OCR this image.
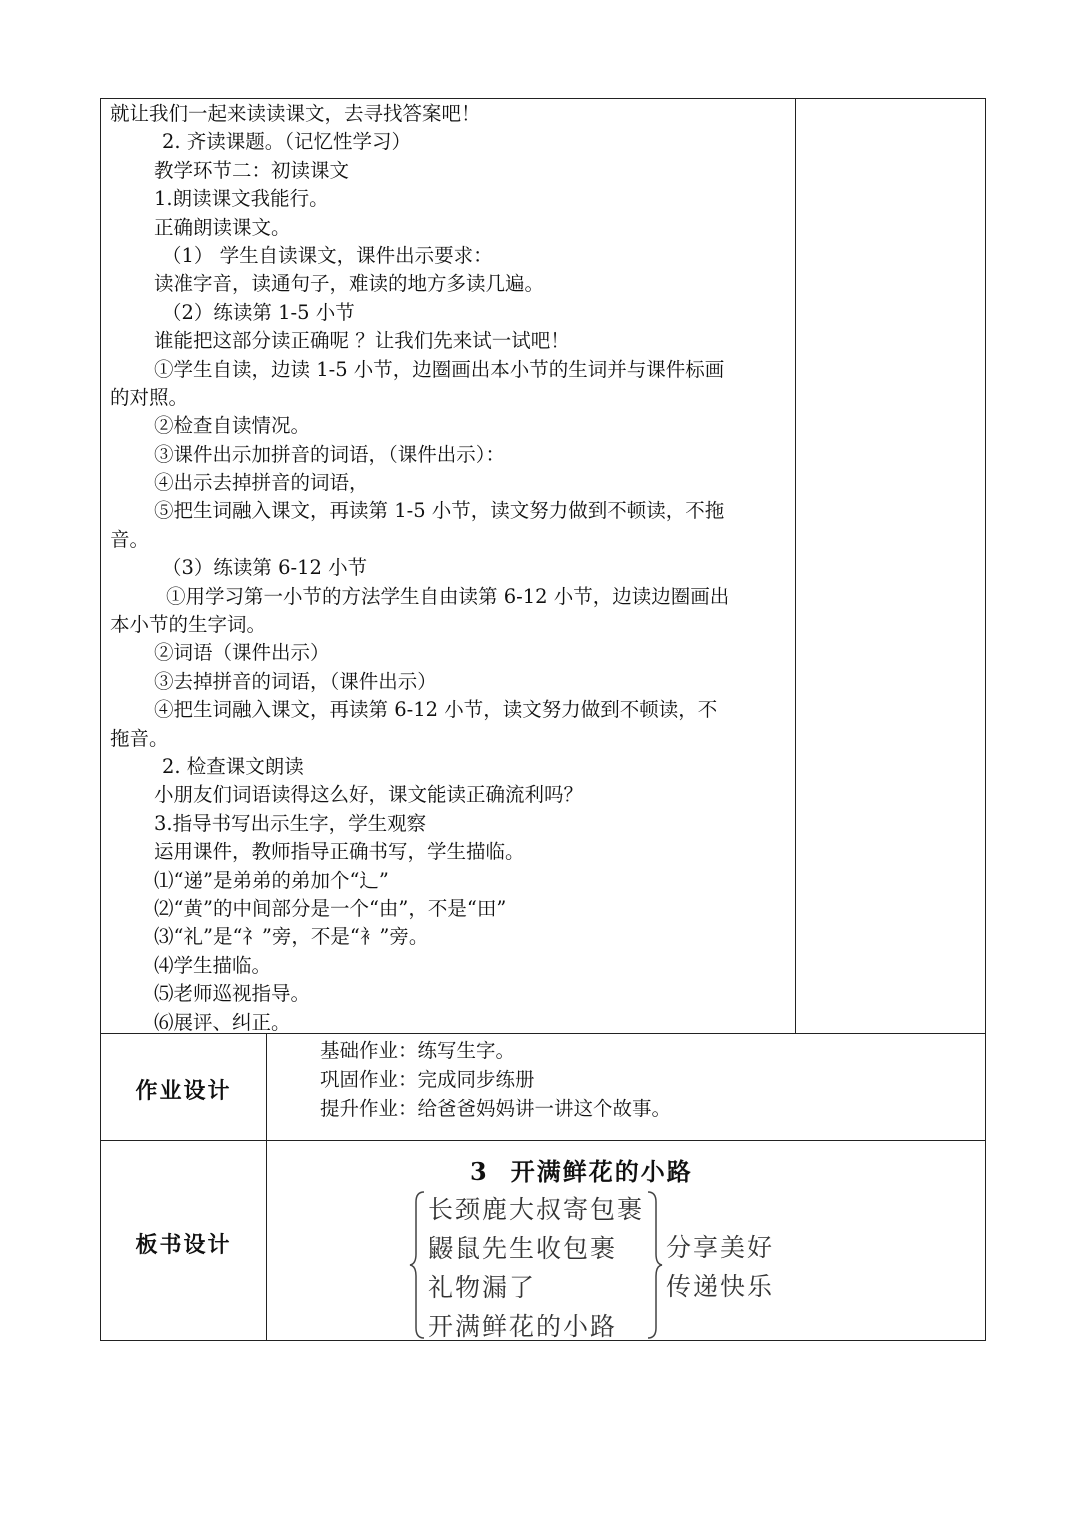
就让我们一起来读读课文，去寻找答案吧！
2. 齐读课题。（记忆性学习）
教学环节二：初读课文
1.朗读课文我能行。
正确朗读课文。
（1） 学生自读课文，课件出示要求：
读准字音，读通句子，难读的地方多读几遍。
（2）练读第 1-5 小节
谁能把这部分读正确呢 ？让我们先来试一试吧！
①学生自读，边读 1-5 小节，边圈画出本小节的生词并与课件标画
的对照。
②检查自读情况。
③课件出示加拼音的词语，（课件出示）：
④出示去掉拼音的词语，
⑤把生词融入课文，再读第 1-5 小节，读文努力做到不顿读，不拖
音。
（3）练读第 6-12 小节
①用学习第一小节的方法学生自由读第 6-12 小节，边读边圈画出
本小节的生字词。
②词语（课件出示）
③去掉拼音的词语，（课件出示）
④把生词融入课文，再读第 6-12 小节，读文努力做到不顿读，不
拖音。
2. 检查课文朗读
小朋友们词语读得这么好，课文能读正确流利吗？
3.指导书写出示生字，学生观察
运用课件，教师指导正确书写，学生描临。
⑴“递”是弟弟的弟加个“辶”
⑵“黄”的中间部分是一个“由”，不是“田”
⑶“礼”是“礻”旁，不是“衤”旁。
⑷学生描临。
⑸老师巡视指导。
⑹展评、纠正。
作业设计
基础作业：练写生字。
巩固作业：完成同步练册
提升作业：给爸爸妈妈讲一讲这个故事。
板书设计
3 开满鲜花的小路
长颈鹿大叔寄包裹
鼹鼠先生收包裹
礼物漏了
开满鲜花的小路
分享美好
传递快乐
